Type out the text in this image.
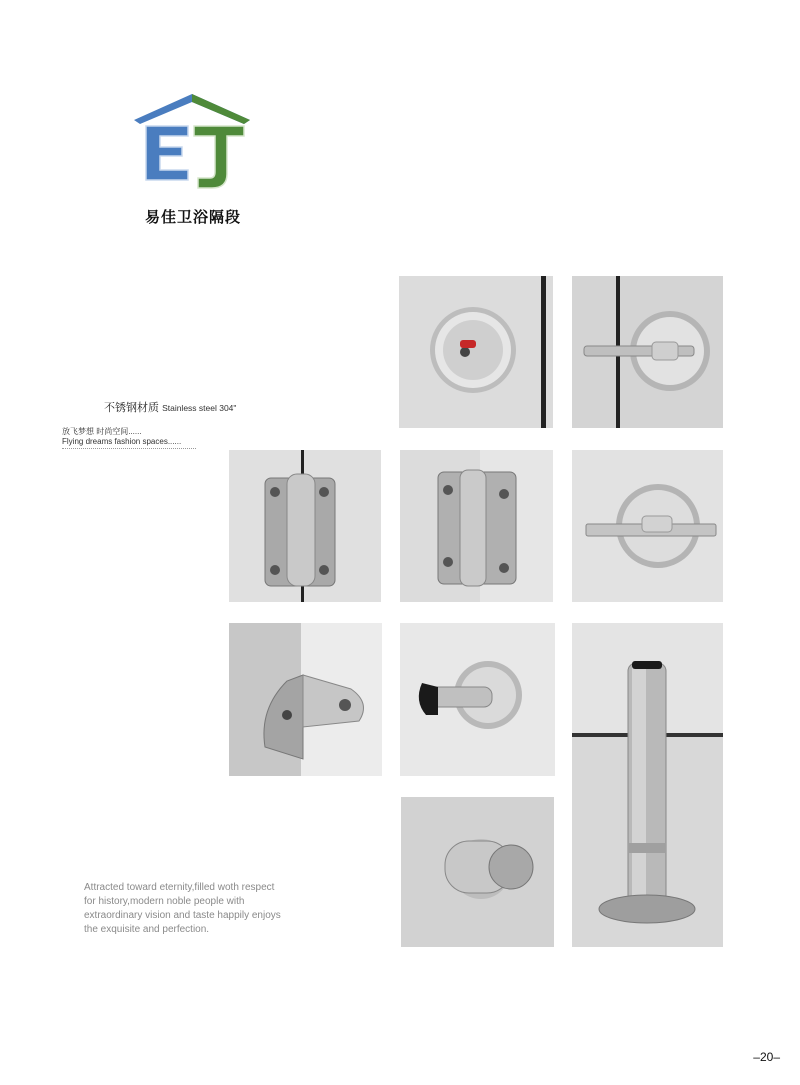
易佳卫浴隔段
不锈钢材质 Stainless steel 304"
放飞梦想 时尚空间......
Flying dreams fashion spaces......
Attracted toward eternity,filled woth respect
for history,modern noble people with
extraordinary vision and taste happily enjoys
the exquisite and perfection.
–20–
